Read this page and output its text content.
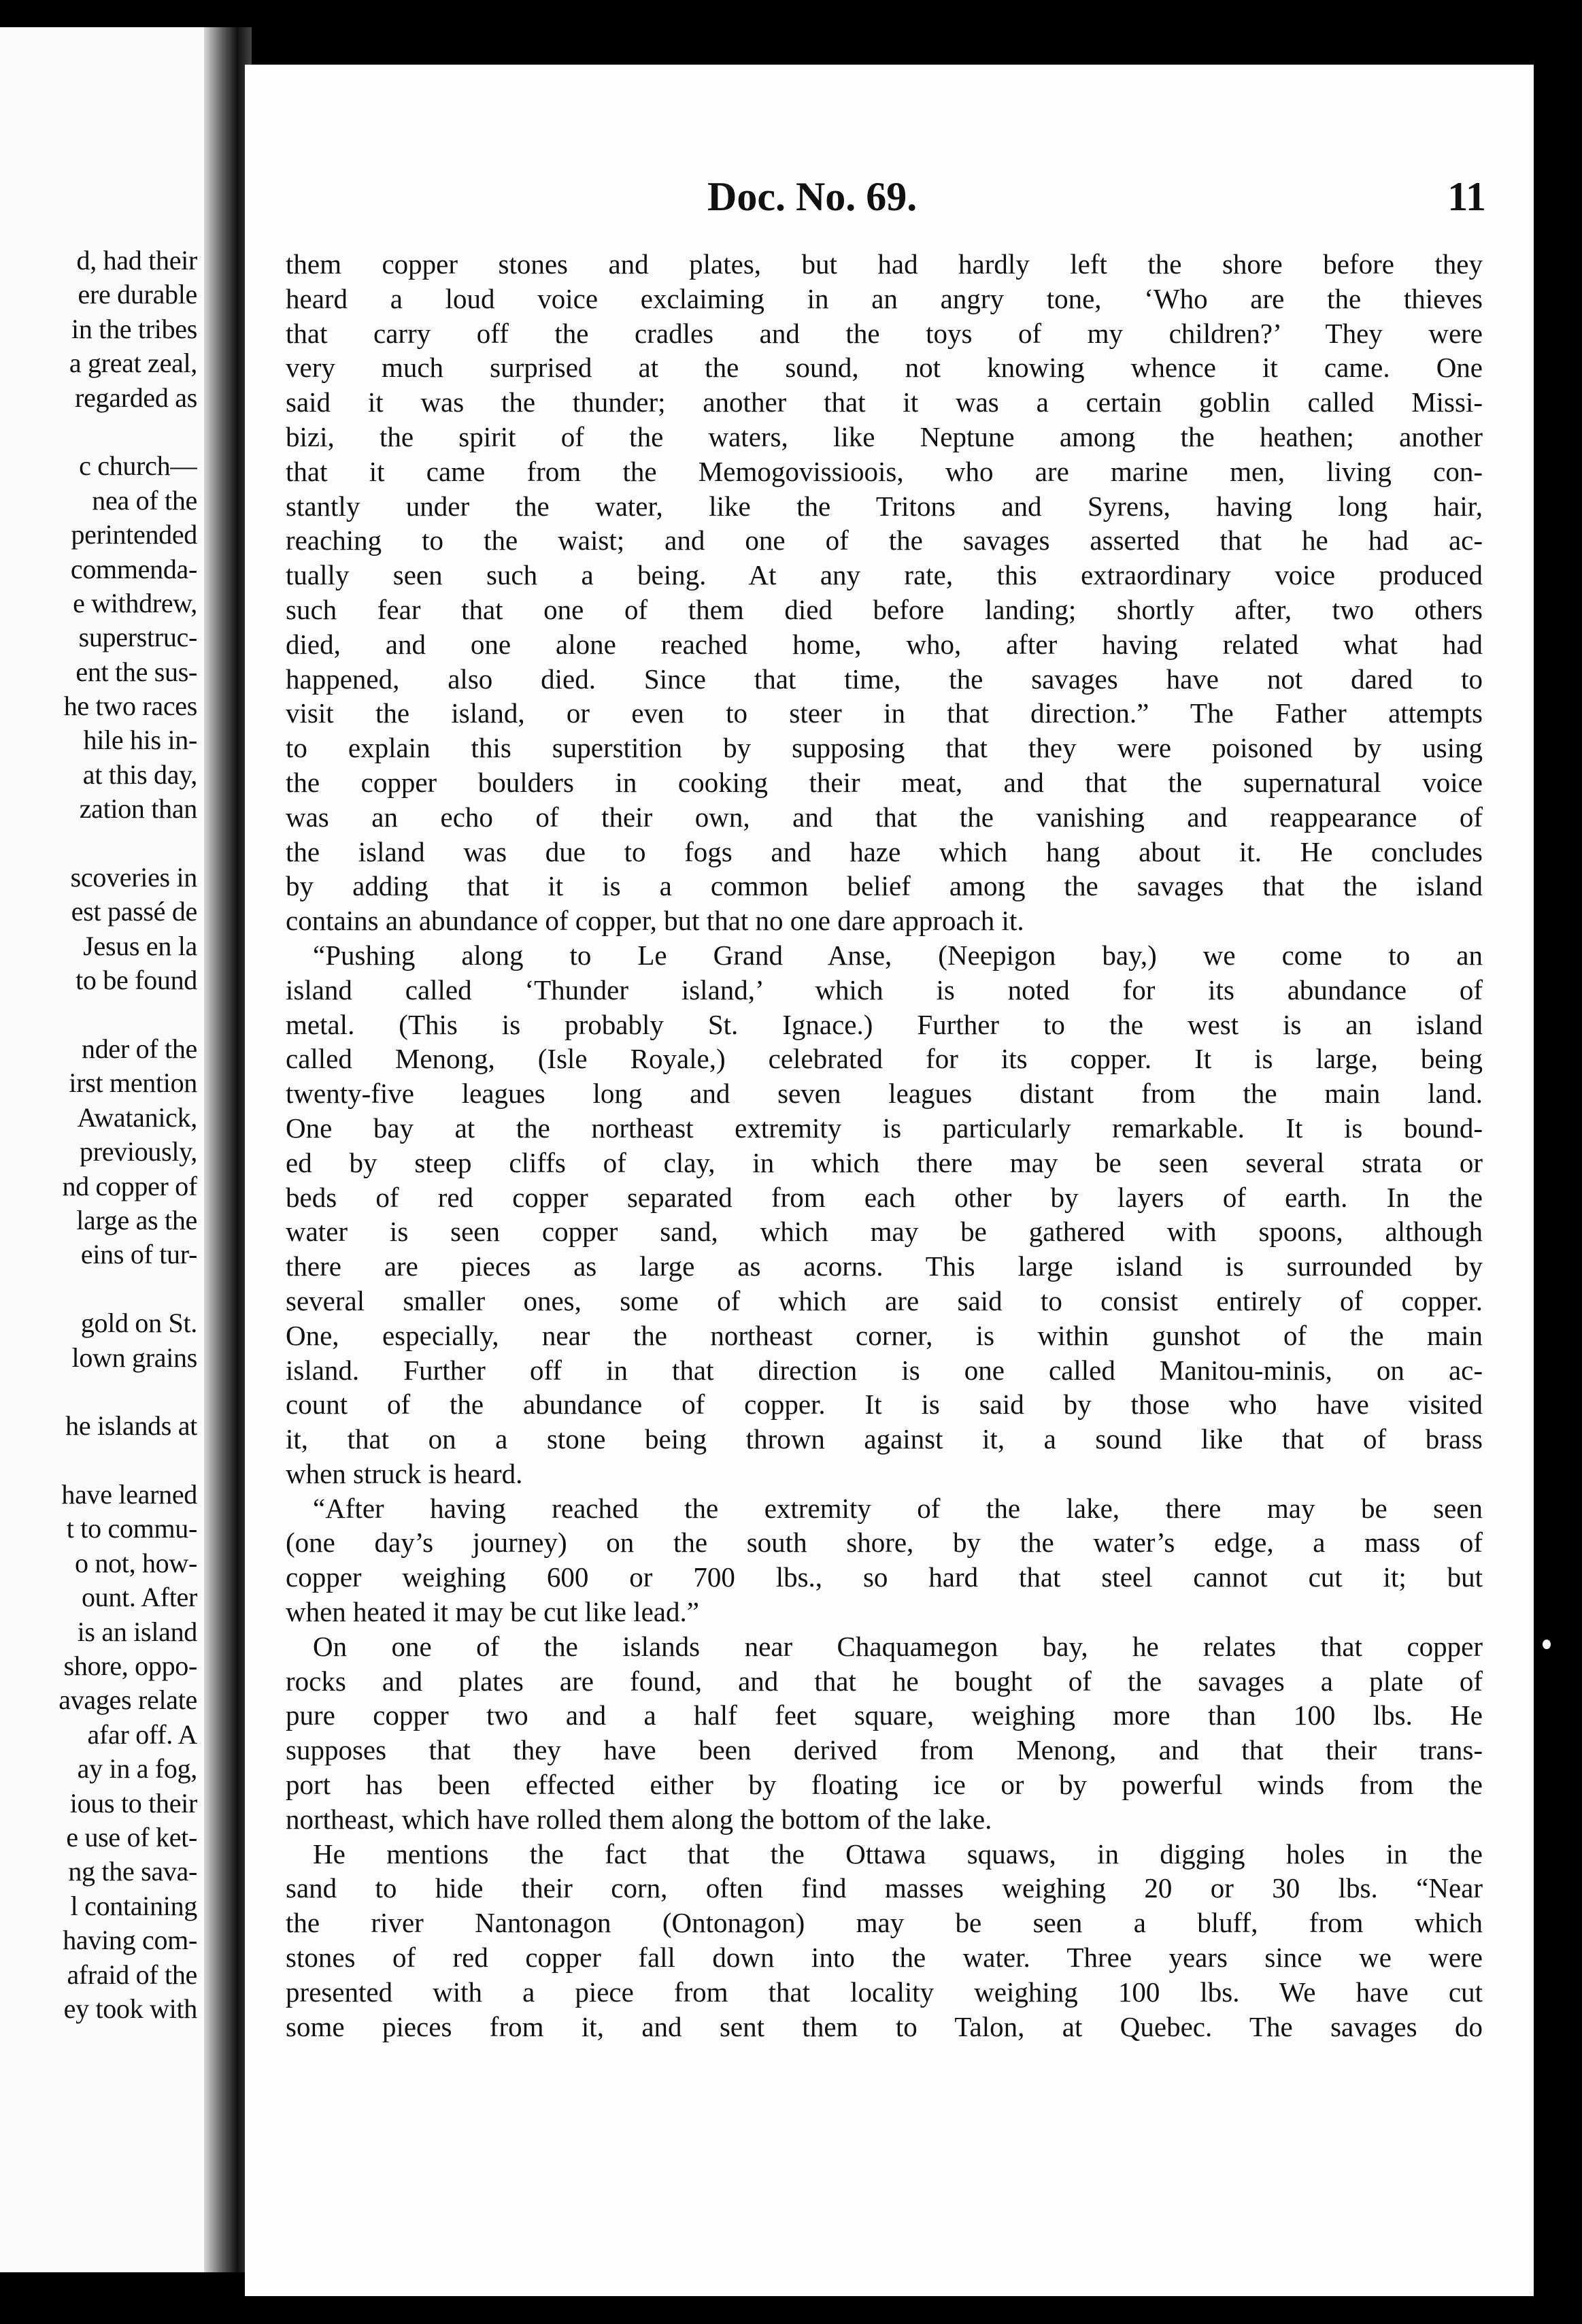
d, had their
ere durable
in the tribes
a great zeal,
regarded as
c church—
nea of the
perintended
commenda-
e withdrew,
superstruc-
ent the sus-
he two races
hile his in-
at this day,
zation than
scoveries in
est passé de
Jesus en la
to be found
nder of the
irst mention
Awatanick,
previously,
nd copper of
large as the
eins of tur-
gold on St.
lown grains
he islands at
have learned
t to commu-
o not, how-
ount. After
is an island
shore, oppo-
avages relate
afar off. A
ay in a fog,
ious to their
e use of ket-
ng the sava-
l containing
having com-
afraid of the
ey took with
Doc. No. 69.	11
them copper stones and plates, but had hardly left the shore before they
heard a loud voice exclaiming in an angry tone, ‘Who are the thieves
that carry off the cradles and the toys of my children?’ They were
very much surprised at the sound, not knowing whence it came. One
said it was the thunder; another that it was a certain goblin called Missi-
bizi, the spirit of the waters, like Neptune among the heathen; another
that it came from the Memogovissioois, who are marine men, living con-
stantly under the water, like the Tritons and Syrens, having long hair,
reaching to the waist; and one of the savages asserted that he had ac-
tually seen such a being. At any rate, this extraordinary voice produced
such fear that one of them died before landing; shortly after, two others
died, and one alone reached home, who, after having related what had
happened, also died. Since that time, the savages have not dared to
visit the island, or even to steer in that direction.” The Father attempts
to explain this superstition by supposing that they were poisoned by using
the copper boulders in cooking their meat, and that the supernatural voice
was an echo of their own, and that the vanishing and reappearance of
the island was due to fogs and haze which hang about it. He concludes
by adding that it is a common belief among the savages that the island
contains an abundance of copper, but that no one dare approach it.
“Pushing along to Le Grand Anse, (Neepigon bay,) we come to an
island called ‘Thunder island,’ which is noted for its abundance of
metal. (This is probably St. Ignace.) Further to the west is an island
called Menong, (Isle Royale,) celebrated for its copper. It is large, being
twenty-five leagues long and seven leagues distant from the main land.
One bay at the northeast extremity is particularly remarkable. It is bound-
ed by steep cliffs of clay, in which there may be seen several strata or
beds of red copper separated from each other by layers of earth. In the
water is seen copper sand, which may be gathered with spoons, although
there are pieces as large as acorns. This large island is surrounded by
several smaller ones, some of which are said to consist entirely of copper.
One, especially, near the northeast corner, is within gunshot of the main
island. Further off in that direction is one called Manitou-minis, on ac-
count of the abundance of copper. It is said by those who have visited
it, that on a stone being thrown against it, a sound like that of brass
when struck is heard.
“After having reached the extremity of the lake, there may be seen
(one day’s journey) on the south shore, by the water’s edge, a mass of
copper weighing 600 or 700 lbs., so hard that steel cannot cut it; but
when heated it may be cut like lead.”
On one of the islands near Chaquamegon bay, he relates that copper
rocks and plates are found, and that he bought of the savages a plate of
pure copper two and a half feet square, weighing more than 100 lbs. He
supposes that they have been derived from Menong, and that their trans-
port has been effected either by floating ice or by powerful winds from the
northeast, which have rolled them along the bottom of the lake.
He mentions the fact that the Ottawa squaws, in digging holes in the
sand to hide their corn, often find masses weighing 20 or 30 lbs. “Near
the river Nantonagon (Ontonagon) may be seen a bluff, from which
stones of red copper fall down into the water. Three years since we were
presented with a piece from that locality weighing 100 lbs. We have cut
some pieces from it, and sent them to Talon, at Quebec. The savages do
